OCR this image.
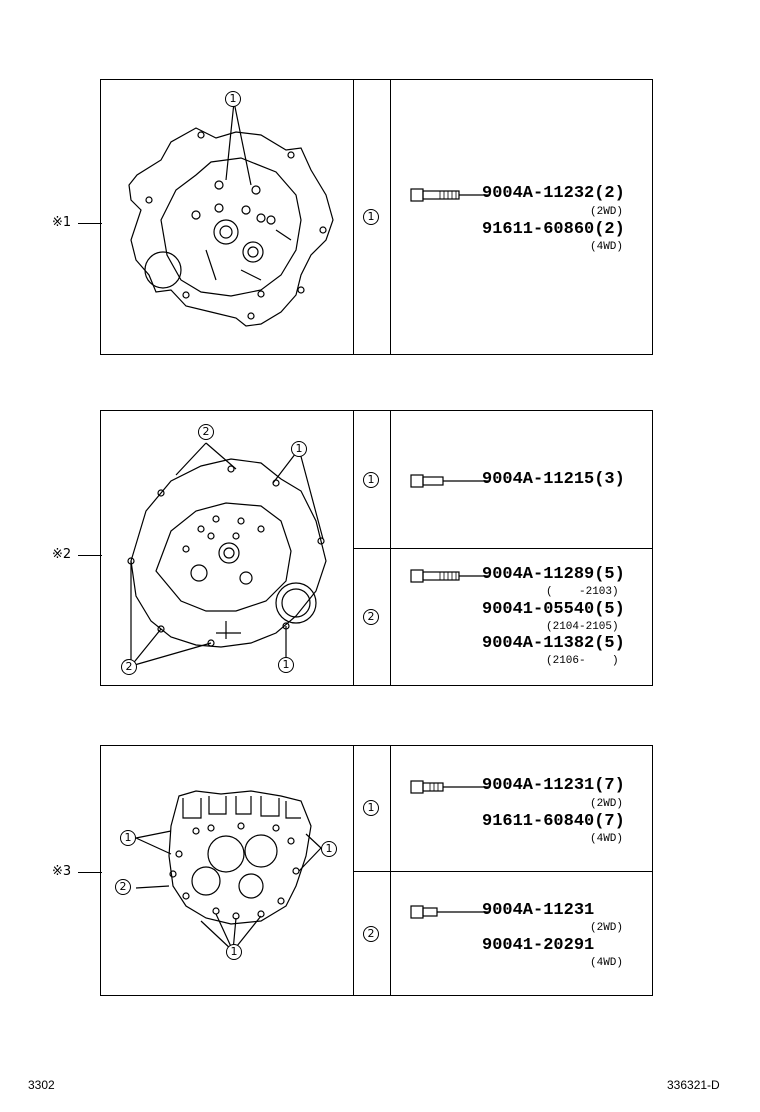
※1
1
1
9004A-11232(2)
(2WD)
91611-60860(2)
(4WD)
※2
2
1
2	1
1
2
9004A-11215(3)
9004A-11289(5)
(    -2103)
90041-05540(5)
(2104-2105)
9004A-11382(5)
(2106-    )
※3
1
2
1
1
1
2
9004A-11231(7)
(2WD)
91611-60840(7)
(4WD)
9004A-11231
(2WD)
90041-20291
(4WD)
3302	336321-D
